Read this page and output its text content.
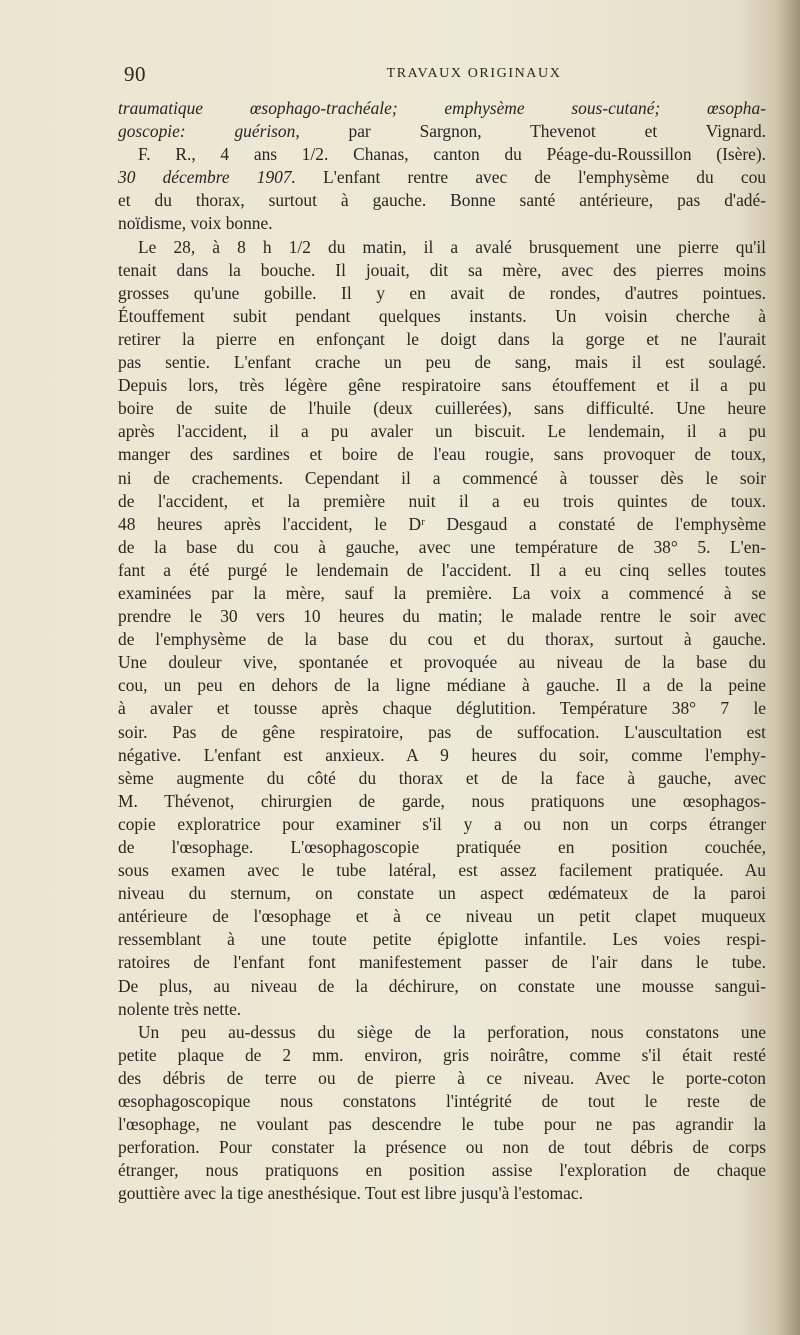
90	TRAVAUX ORIGINAUX
traumatique œsophago-trachéale; emphysème sous-cutané; œsopha-
goscopie: guérison, par Sargnon, Thevenot et Vignard.
F. R., 4 ans 1/2. Chanas, canton du Péage-du-Roussillon (Isère).
30 décembre 1907. L'enfant rentre avec de l'emphysème du cou
et du thorax, surtout à gauche. Bonne santé antérieure, pas d'adé-
noïdisme, voix bonne.
Le 28, à 8 h 1/2 du matin, il a avalé brusquement une pierre qu'il
tenait dans la bouche. Il jouait, dit sa mère, avec des pierres moins
grosses qu'une gobille. Il y en avait de rondes, d'autres pointues.
Étouffement subit pendant quelques instants. Un voisin cherche à
retirer la pierre en enfonçant le doigt dans la gorge et ne l'aurait
pas sentie. L'enfant crache un peu de sang, mais il est soulagé.
Depuis lors, très légère gêne respiratoire sans étouffement et il a pu
boire de suite de l'huile (deux cuillerées), sans difficulté. Une heure
après l'accident, il a pu avaler un biscuit. Le lendemain, il a pu
manger des sardines et boire de l'eau rougie, sans provoquer de toux,
ni de crachements. Cependant il a commencé à tousser dès le soir
de l'accident, et la première nuit il a eu trois quintes de toux.
48 heures après l'accident, le Dʳ Desgaud a constaté de l'emphysème
de la base du cou à gauche, avec une température de 38° 5. L'en-
fant a été purgé le lendemain de l'accident. Il a eu cinq selles toutes
examinées par la mère, sauf la première. La voix a commencé à se
prendre le 30 vers 10 heures du matin; le malade rentre le soir avec
de l'emphysème de la base du cou et du thorax, surtout à gauche.
Une douleur vive, spontanée et provoquée au niveau de la base du
cou, un peu en dehors de la ligne médiane à gauche. Il a de la peine
à avaler et tousse après chaque déglutition. Température 38° 7 le
soir. Pas de gêne respiratoire, pas de suffocation. L'auscultation est
négative. L'enfant est anxieux. A 9 heures du soir, comme l'emphy-
sème augmente du côté du thorax et de la face à gauche, avec
M. Thévenot, chirurgien de garde, nous pratiquons une œsophagos-
copie exploratrice pour examiner s'il y a ou non un corps étranger
de l'œsophage. L'œsophagoscopie pratiquée en position couchée,
sous examen avec le tube latéral, est assez facilement pratiquée. Au
niveau du sternum, on constate un aspect œdémateux de la paroi
antérieure de l'œsophage et à ce niveau un petit clapet muqueux
ressemblant à une toute petite épiglotte infantile. Les voies respi-
ratoires de l'enfant font manifestement passer de l'air dans le tube.
De plus, au niveau de la déchirure, on constate une mousse sangui-
nolente très nette.
Un peu au-dessus du siège de la perforation, nous constatons une
petite plaque de 2 mm. environ, gris noirâtre, comme s'il était resté
des débris de terre ou de pierre à ce niveau. Avec le porte-coton
œsophagoscopique nous constatons l'intégrité de tout le reste de
l'œsophage, ne voulant pas descendre le tube pour ne pas agrandir la
perforation. Pour constater la présence ou non de tout débris de corps
étranger, nous pratiquons en position assise l'exploration de chaque
gouttière avec la tige anesthésique. Tout est libre jusqu'à l'estomac.
